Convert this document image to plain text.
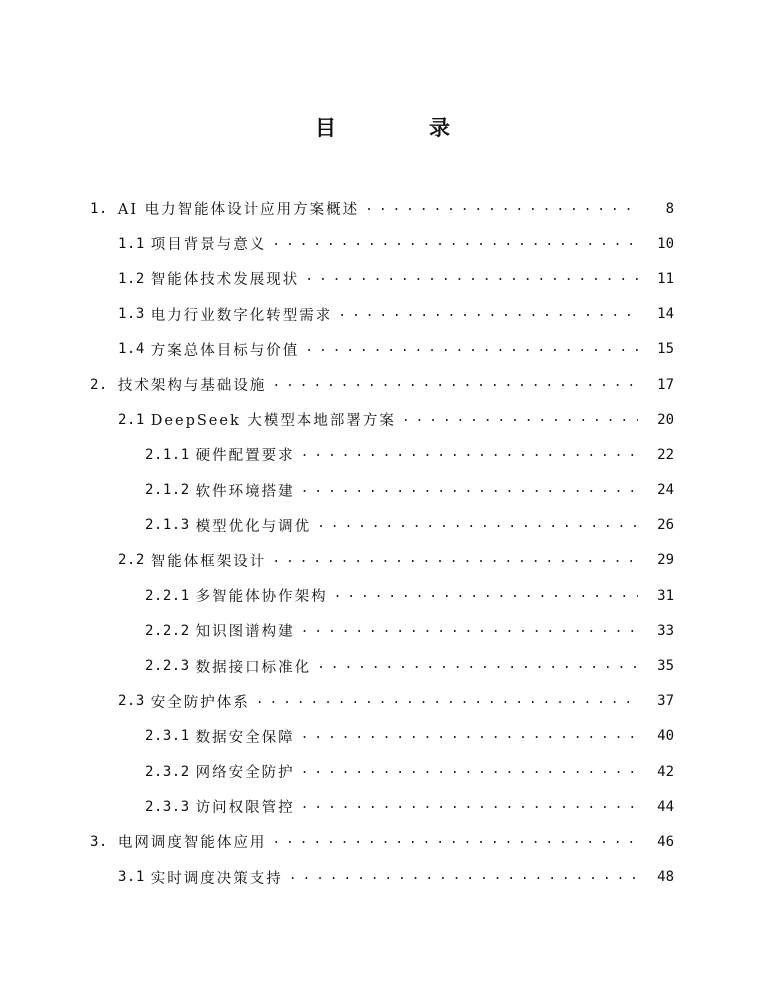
目　录
1. AI 电力智能体设计应用方案概述 . . .	8
1.1 项目背景与意义 . . .	10
1.2 智能体技术发展现状 . . .	11
1.3 电力行业数字化转型需求 . . .	14
1.4 方案总体目标与价值 . . .	15
2. 技术架构与基础设施 . . .	17
2.1 DeepSeek 大模型本地部署方案 . . .	20
2.1.1 硬件配置要求 . . .	22
2.1.2 软件环境搭建 . . .	24
2.1.3 模型优化与调优 . . .	26
2.2 智能体框架设计 . . .	29
2.2.1 多智能体协作架构 . . .	31
2.2.2 知识图谱构建 . . .	33
2.2.3 数据接口标准化 . . .	35
2.3 安全防护体系 . . .	37
2.3.1 数据安全保障 . . .	40
2.3.2 网络安全防护 . . .	42
2.3.3 访问权限管控 . . .	44
3. 电网调度智能体应用 . . .	46
3.1 实时调度决策支持 . . .	48
